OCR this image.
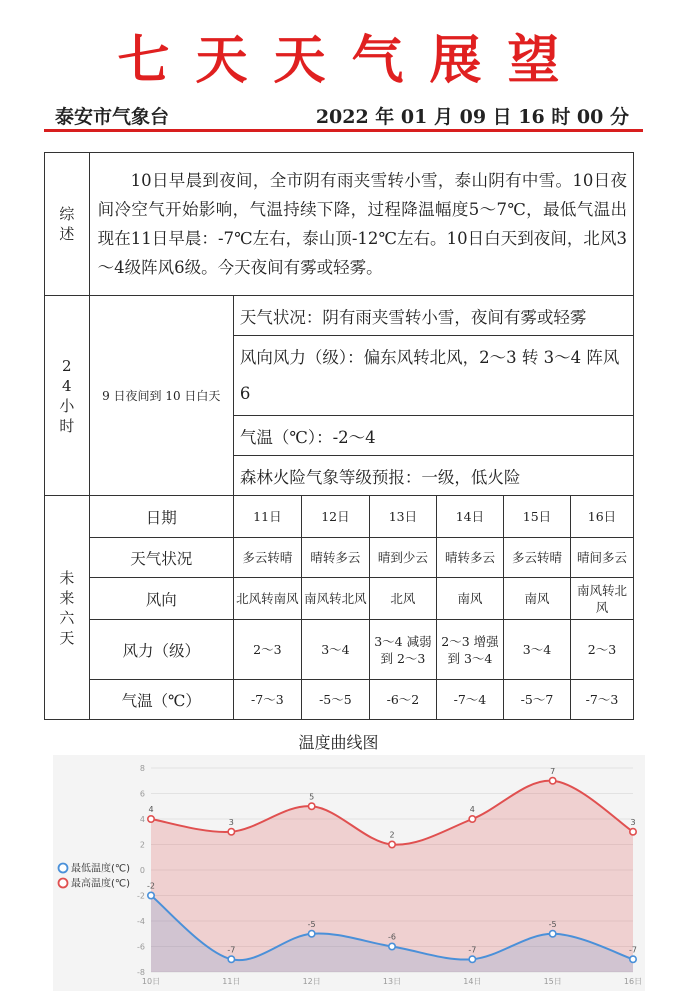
七天天气展望
泰安市气象台	2022 年 01 月 09 日 16 时 00 分
综述	10日早晨到夜间，全市阴有雨夹雪转小雪，泰山阴有中雪。10日夜间冷空气开始影响，气温持续下降，过程降温幅度5～7℃，最低气温出现在11日早晨：-7℃左右，泰山顶-12℃左右。10日白天到夜间，北风3～4级阵风6级。今天夜间有雾或轻雾。						
24小时	9 日夜间到 10 日白天	天气状况：阴有雨夹雪转小雪，夜间有雾或轻雾					
		风向风力（级）：偏东风转北风，2～3 转 3～4 阵风 6					
		气温（℃）：-2～4					
		森林火险气象等级预报：一级，低火险					
未来六天	日期	11日	12日	13日	14日	15日	16日
	天气状况	多云转晴	晴转多云	晴到少云	晴转多云	多云转晴	晴间多云
	风向	北风转南风	南风转北风	北风	南风	南风	南风转北风
	风力（级）	2～3	3～4	3～4 减弱到 2～3	2～3 增强到 3～4	3～4	2～3
	气温（℃）	-7～3	-5～5	-6～2	-7～4	-5～7	-7～3
温度曲线图
4
3
5
2
4
7
3
-2
-7
-5
-6
-7
-5
-7
8
6
4
2
0
-2
-4
-6
-8
10日	11日	12日	13日	14日	15日	16日
最低温度(℃)
最高温度(℃)
